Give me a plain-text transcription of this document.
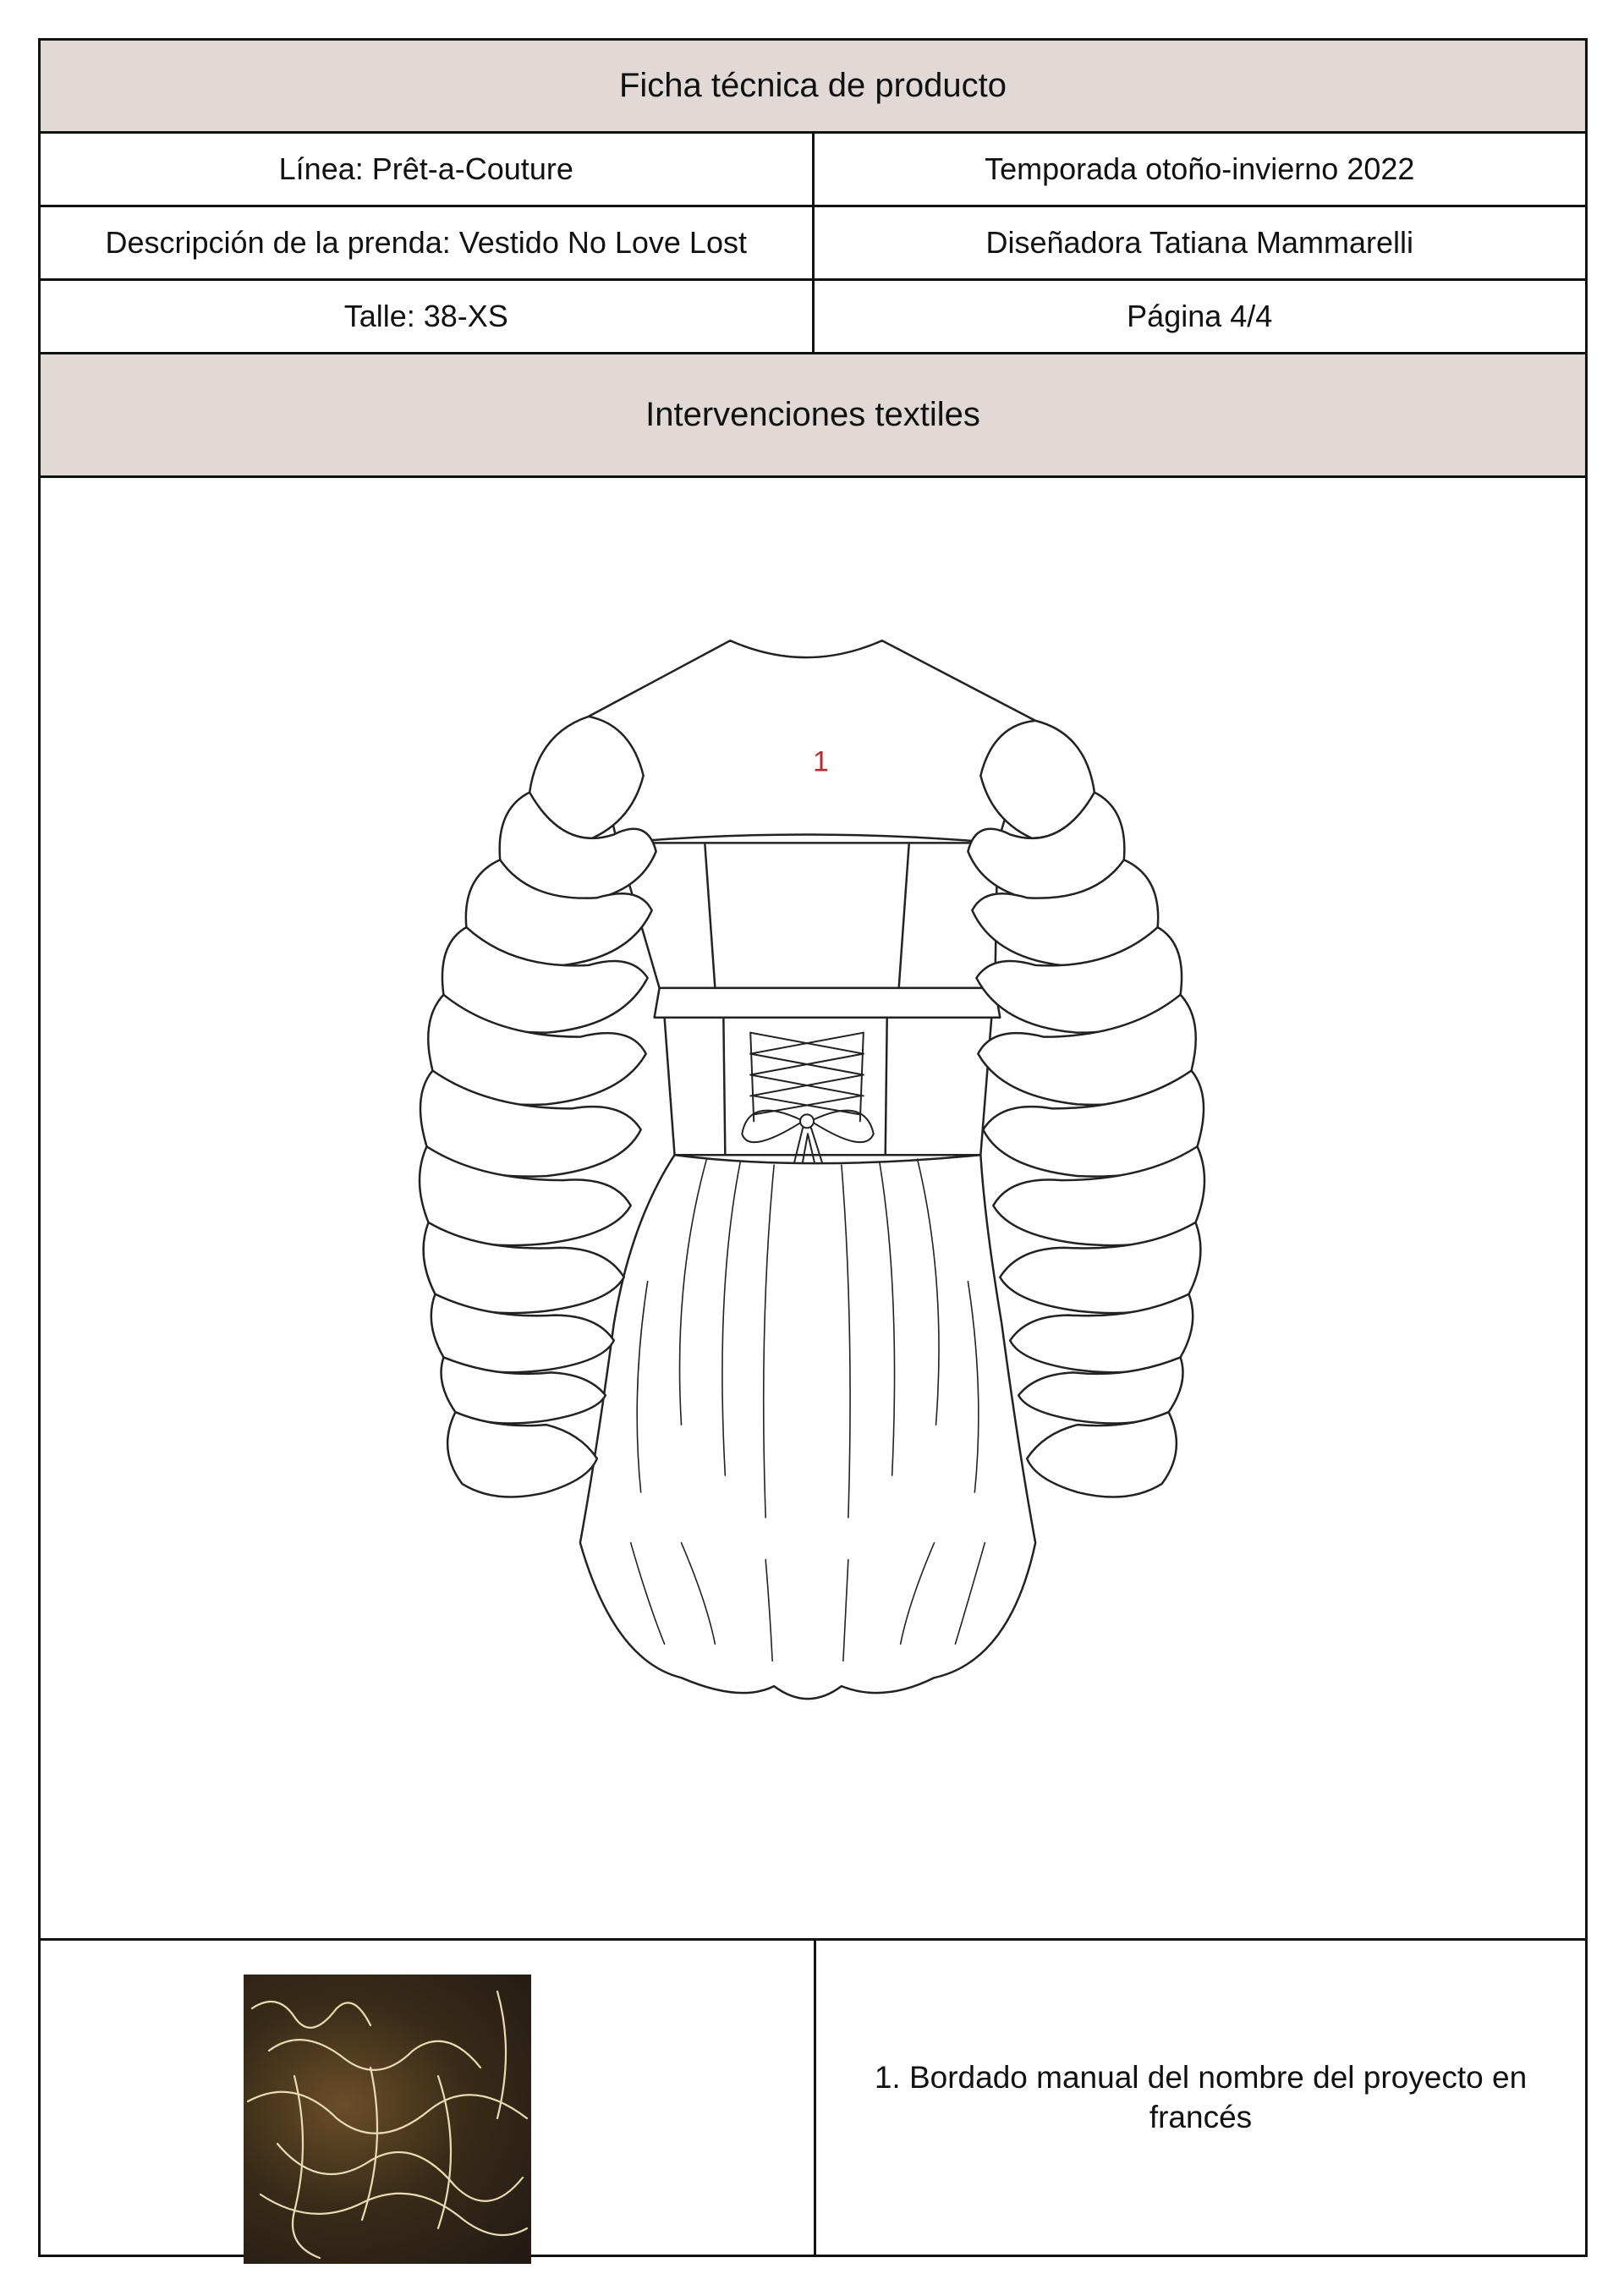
Ficha técnica de producto
Línea: Prêt-a-Couture	Temporada otoño-invierno 2022
Descripción de la prenda: Vestido No Love Lost	Diseñadora Tatiana Mammarelli
Talle: 38-XS	Página 4/4
Intervenciones textiles
1
1. Bordado manual del nombre del proyecto en francés
